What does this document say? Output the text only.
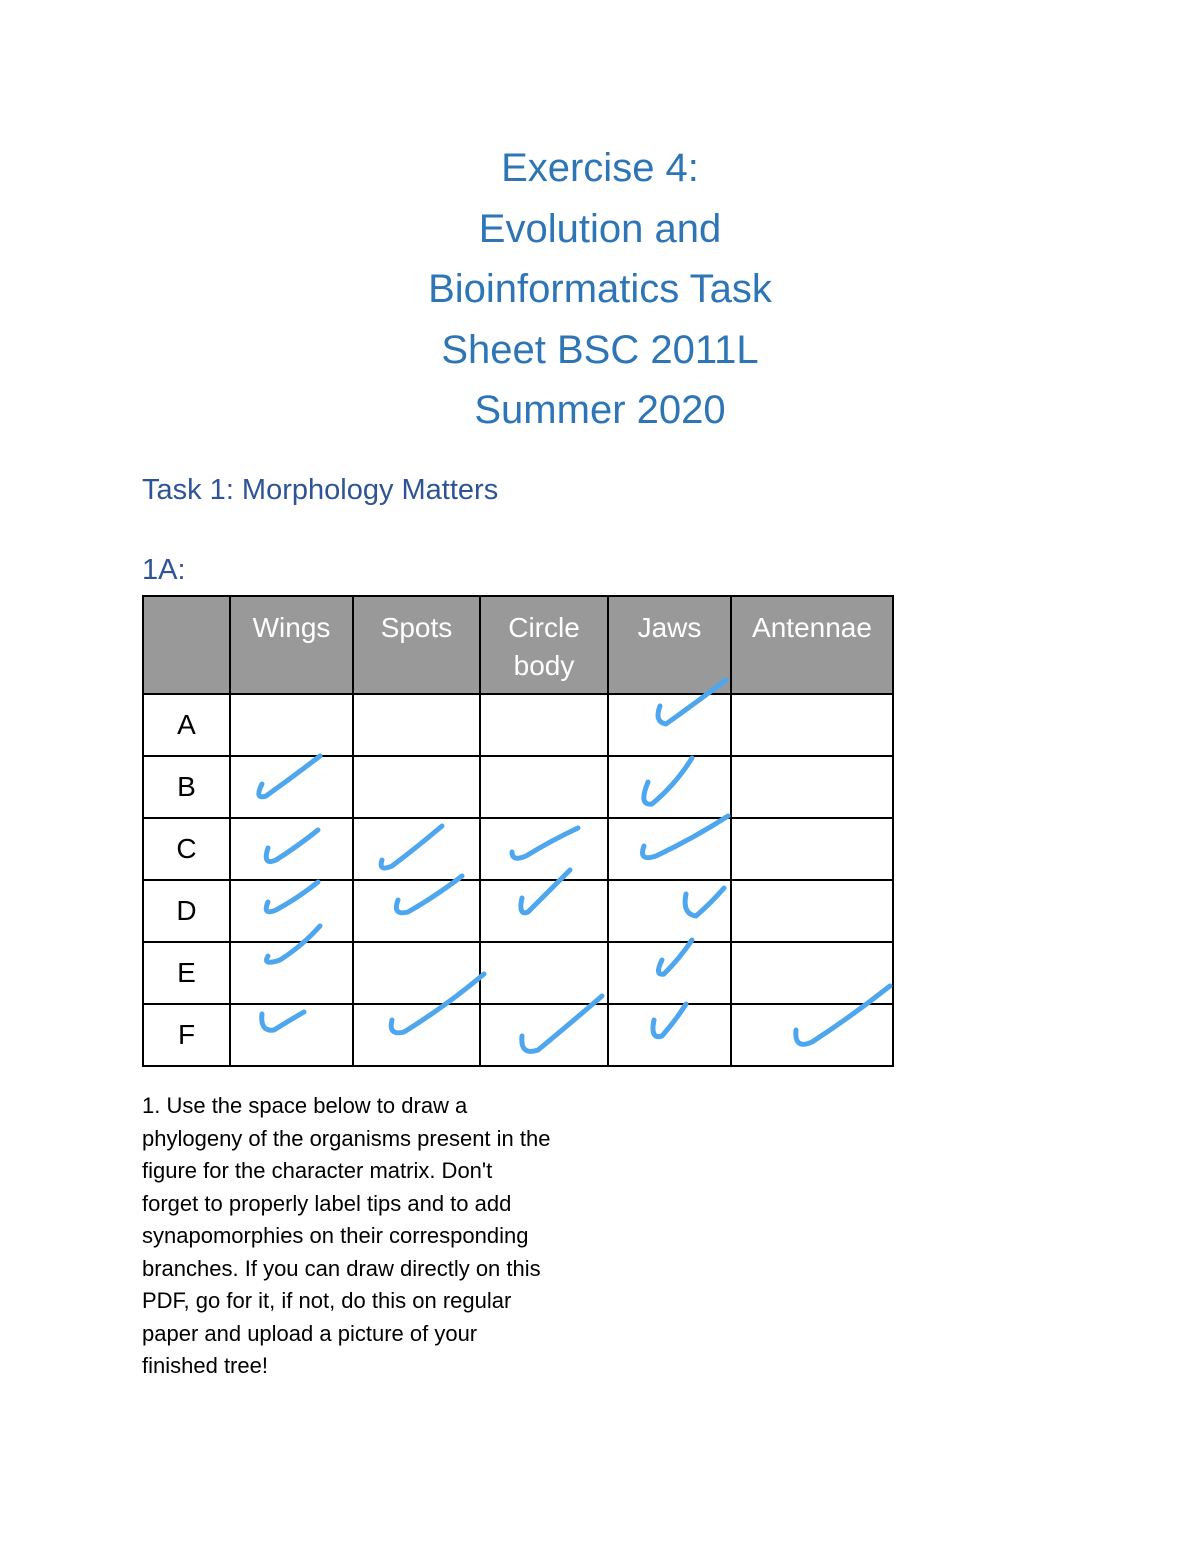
Exercise 4:
Evolution and
Bioinformatics Task
Sheet BSC 2011L
Summer 2020
Task 1: Morphology Matters
1A:
	Wings	Spots	Circle body	Jaws	Antennae
A					
B					
C					
D					
E					
F					
1. Use the space below to draw a phylogeny of the organisms present in the figure for the character matrix. Don't forget to properly label tips and to add synapomorphies on their corresponding branches. If you can draw directly on this PDF, go for it, if not, do this on regular paper and upload a picture of your finished tree!
